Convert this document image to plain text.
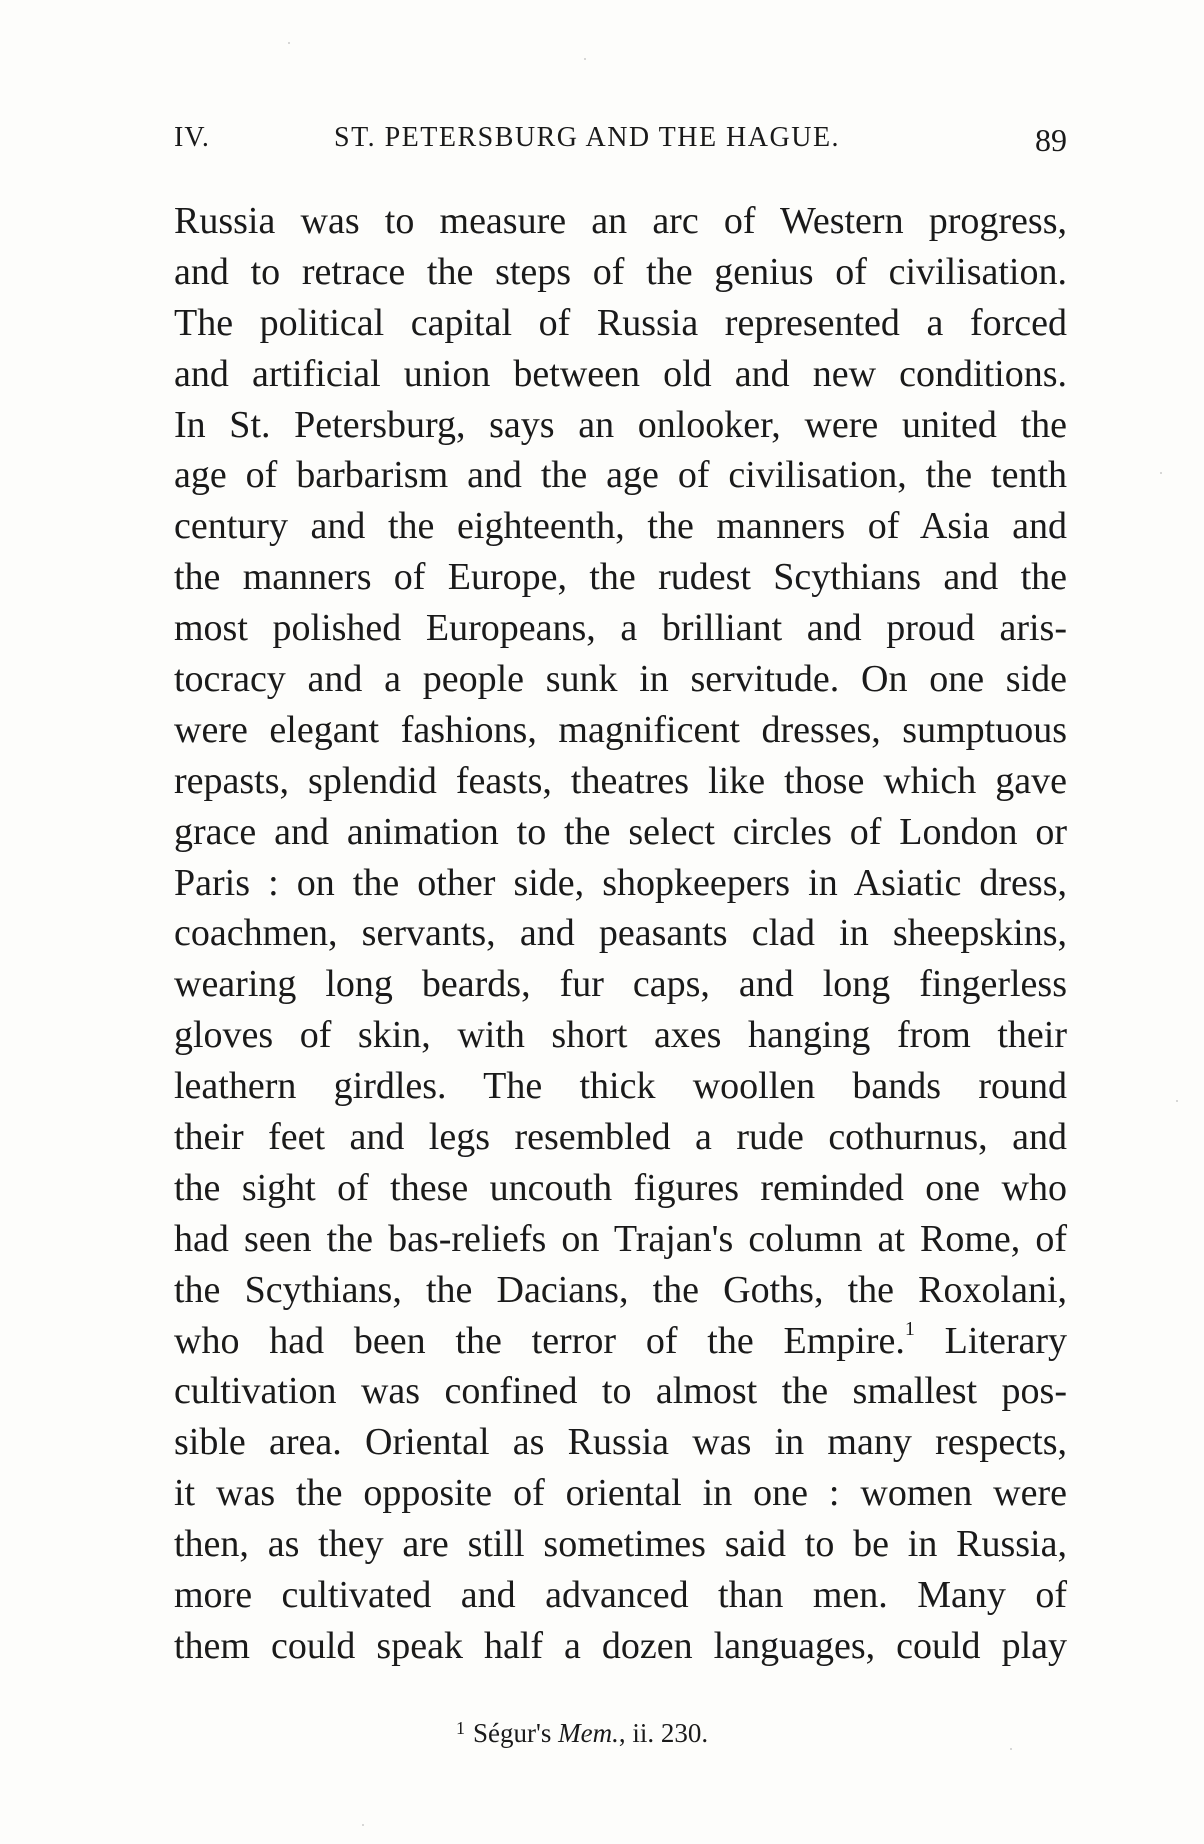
IV.	ST. PETERSBURG AND THE HAGUE.	89
Russia was to measure an arc of Western progress,
and to retrace the steps of the genius of civilisation.
The political capital of Russia represented a forced
and artificial union between old and new conditions.
In St. Petersburg, says an onlooker, were united the
age of barbarism and the age of civilisation, the tenth
century and the eighteenth, the manners of Asia and
the manners of Europe, the rudest Scythians and the
most polished Europeans, a brilliant and proud aris-
tocracy and a people sunk in servitude. On one side
were elegant fashions, magnificent dresses, sumptuous
repasts, splendid feasts, theatres like those which gave
grace and animation to the select circles of London or
Paris : on the other side, shopkeepers in Asiatic dress,
coachmen, servants, and peasants clad in sheepskins,
wearing long beards, fur caps, and long fingerless
gloves of skin, with short axes hanging from their
leathern girdles. The thick woollen bands round
their feet and legs resembled a rude cothurnus, and
the sight of these uncouth figures reminded one who
had seen the bas-reliefs on Trajan's column at Rome, of
the Scythians, the Dacians, the Goths, the Roxolani,
who had been the terror of the Empire.$^1$ Literary
cultivation was confined to almost the smallest pos-
sible area. Oriental as Russia was in many respects,
it was the opposite of oriental in one : women were
then, as they are still sometimes said to be in Russia,
more cultivated and advanced than men. Many of
them could speak half a dozen languages, could play
$^1$ Ségur's Mem., ii. 230.
